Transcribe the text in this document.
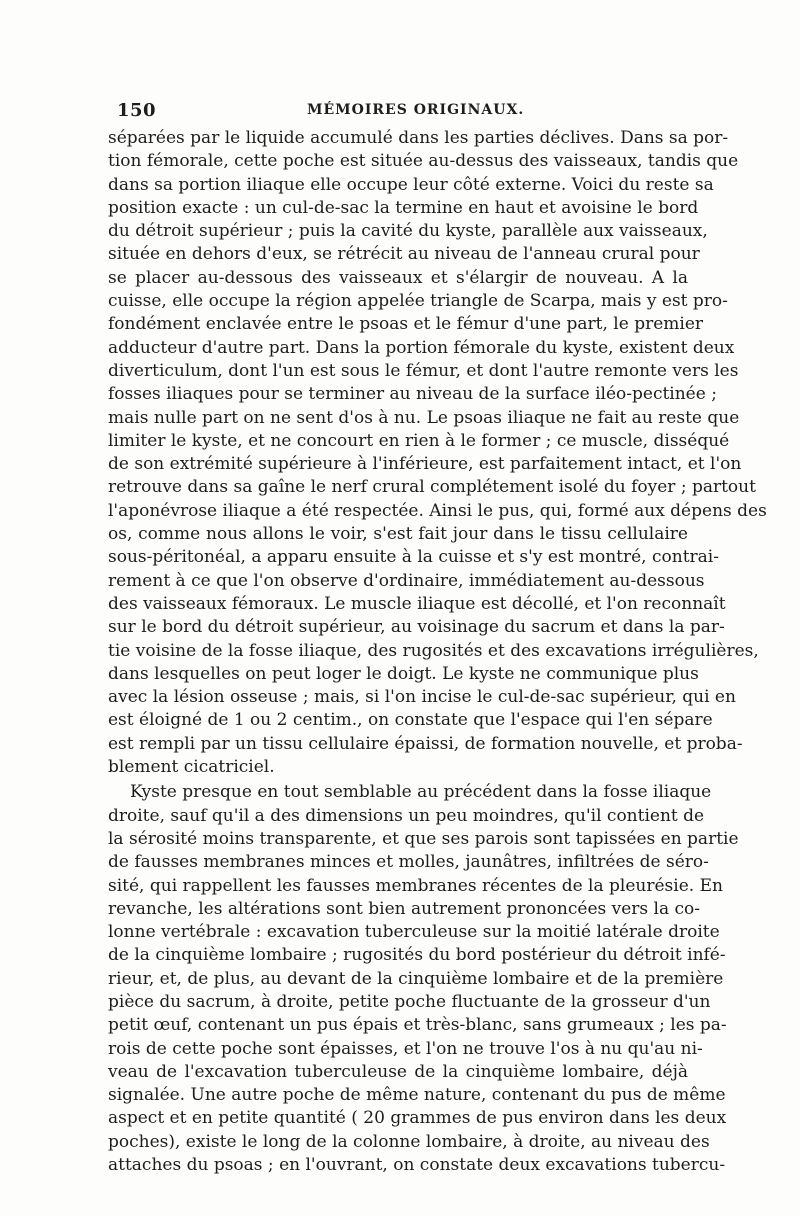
150	MÉMOIRES ORIGINAUX.
séparées par le liquide accumulé dans les parties déclives. Dans sa por-
tion fémorale, cette poche est située au-dessus des vaisseaux, tandis que
dans sa portion iliaque elle occupe leur côté externe. Voici du reste sa
position exacte : un cul-de-sac la termine en haut et avoisine le bord
du détroit supérieur ; puis la cavité du kyste, parallèle aux vaisseaux,
située en dehors d'eux, se rétrécit au niveau de l'anneau crural pour
se placer au-dessous des vaisseaux et s'élargir de nouveau. A la
cuisse, elle occupe la région appelée triangle de Scarpa, mais y est pro-
fondément enclavée entre le psoas et le fémur d'une part, le premier
adducteur d'autre part. Dans la portion fémorale du kyste, existent deux
diverticulum, dont l'un est sous le fémur, et dont l'autre remonte vers les
fosses iliaques pour se terminer au niveau de la surface iléo-pectinée ;
mais nulle part on ne sent d'os à nu. Le psoas iliaque ne fait au reste que
limiter le kyste, et ne concourt en rien à le former ; ce muscle, disséqué
de son extrémité supérieure à l'inférieure, est parfaitement intact, et l'on
retrouve dans sa gaîne le nerf crural complétement isolé du foyer ; partout
l'aponévrose iliaque a été respectée. Ainsi le pus, qui, formé aux dépens des
os, comme nous allons le voir, s'est fait jour dans le tissu cellulaire
sous-péritonéal, a apparu ensuite à la cuisse et s'y est montré, contrai-
rement à ce que l'on observe d'ordinaire, immédiatement au-dessous
des vaisseaux fémoraux. Le muscle iliaque est décollé, et l'on reconnaît
sur le bord du détroit supérieur, au voisinage du sacrum et dans la par-
tie voisine de la fosse iliaque, des rugosités et des excavations irrégulières,
dans lesquelles on peut loger le doigt. Le kyste ne communique plus
avec la lésion osseuse ; mais, si l'on incise le cul-de-sac supérieur, qui en
est éloigné de 1 ou 2 centim., on constate que l'espace qui l'en sépare
est rempli par un tissu cellulaire épaissi, de formation nouvelle, et proba-
blement cicatriciel.
Kyste presque en tout semblable au précédent dans la fosse iliaque
droite, sauf qu'il a des dimensions un peu moindres, qu'il contient de
la sérosité moins transparente, et que ses parois sont tapissées en partie
de fausses membranes minces et molles, jaunâtres, infiltrées de séro-
sité, qui rappellent les fausses membranes récentes de la pleurésie. En
revanche, les altérations sont bien autrement prononcées vers la co-
lonne vertébrale : excavation tuberculeuse sur la moitié latérale droite
de la cinquième lombaire ; rugosités du bord postérieur du détroit infé-
rieur, et, de plus, au devant de la cinquième lombaire et de la première
pièce du sacrum, à droite, petite poche fluctuante de la grosseur d'un
petit œuf, contenant un pus épais et très-blanc, sans grumeaux ; les pa-
rois de cette poche sont épaisses, et l'on ne trouve l'os à nu qu'au ni-
veau de l'excavation tuberculeuse de la cinquième lombaire, déjà
signalée. Une autre poche de même nature, contenant du pus de même
aspect et en petite quantité ( 20 grammes de pus environ dans les deux
poches), existe le long de la colonne lombaire, à droite, au niveau des
attaches du psoas ; en l'ouvrant, on constate deux excavations tubercu-
